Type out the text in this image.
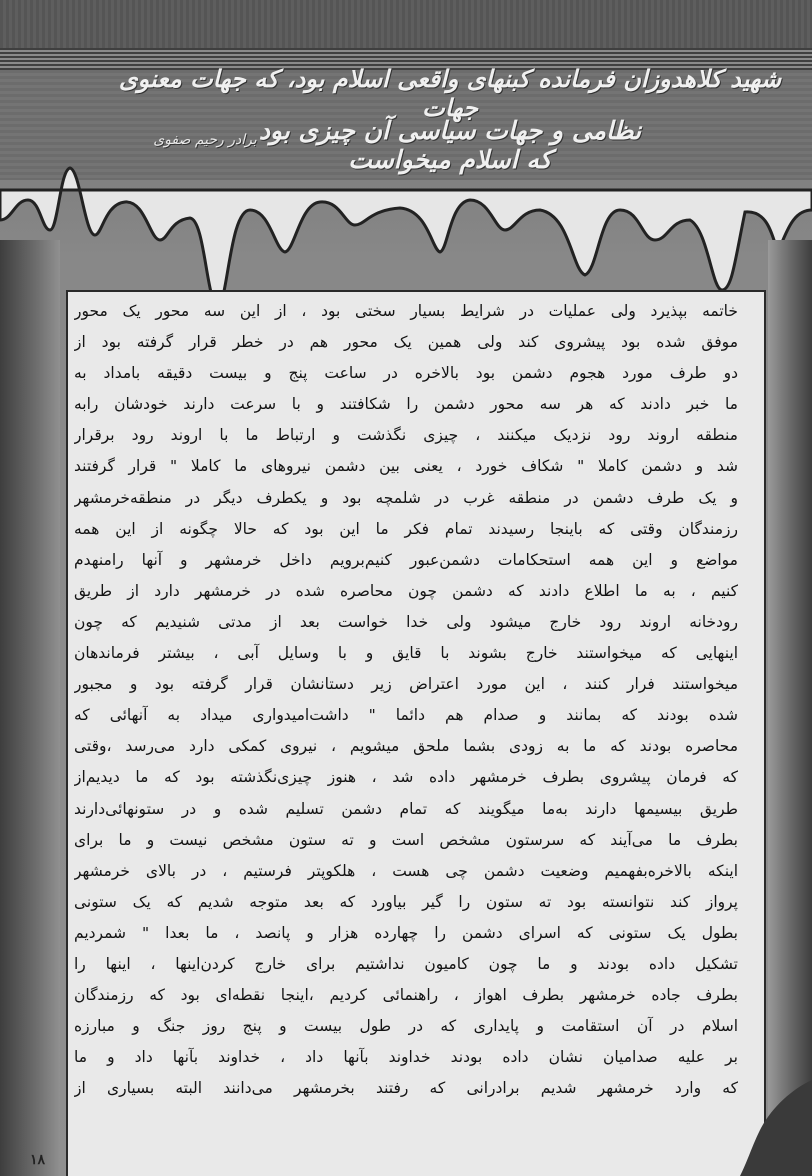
شهید کلاهدوزان فرمانده کبنهای واقعی اسلام بود، که جهات معنوی جهات
نظامی و جهات سیاسی آن چیزی بود که اسلام میخواست
برادر رحیم صفوی
خاتمه بپذیرد ولی عملیات در شرایط بسیار سختی بود ، از این سه محور یک محور
موفق شده بود پیشروی کند ولی همین یک محور هم در خطر قرار گرفته بود از
دو طرف مورد هجوم دشمن بود بالاخره در ساعت پنج و بیست دقیقه بامداد به
ما خبر دادند که هر سه محور دشمن را شکافتند و با سرعت دارند خودشان رابه
منطقه اروند رود نزدیک میکنند ، چیزی نگذشت و ارتباط ما با اروند رود برقرار
شد و دشمن کاملا " شکاف خورد ، یعنی بین دشمن نیروهای ما کاملا " قرار گرفتند
و یک طرف دشمن در منطقه غرب در شلمچه بود و یکطرف دیگر در منطقه‌خرمشهر
رزمندگان وقتی که باینجا رسیدند تمام فکر ما این بود که حالا چگونه از این همه
مواضع و این همه استحکامات دشمن‌عبور کنیم‌برویم داخل خرمشهر و آنها رامنهدم
کنیم ، به ما اطلاع دادند که دشمن چون محاصره شده در خرمشهر دارد از طریق
رودخانه اروند رود خارج میشود ولی خدا خواست بعد از مدتی شنیدیم که چون
اینهایی که میخواستند خارج بشوند با قایق و با وسایل آبی ، بیشتر فرماندهان
میخواستند فرار کنند ، این مورد اعتراض زیر دستانشان قرار گرفته بود و مجبور
شده بودند که بمانند و صدام هم دائما " داشت‌امیدواری میداد به آنهائی که
محاصره بودند که ما به زودی بشما ملحق میشویم ، نیروی کمکی دارد می‌رسد ،وقتی
که فرمان پیشروی بطرف خرمشهر داده شد ، هنوز چیزی‌نگذشته بود که ما دیدیم‌از
طریق بیسیمها دارند به‌ما میگویند که تمام دشمن تسلیم شده و در ستونهائی‌دارند
بطرف ما می‌آیند که سرستون مشخص است و ته ستون مشخص نیست و ما برای
اینکه بالاخره‌بفهمیم وضعیت دشمن چی هست ، هلکوپتر فرستیم ، در بالای خرمشهر
پرواز کند نتوانسته بود ته ستون را گیر بیاورد که بعد متوجه شدیم که یک ستونی
بطول یک ستونی که اسرای دشمن را چهارده هزار و پانصد ، ما بعدا " شمردیم
تشکیل داده بودند و ما چون کامیون نداشتیم برای خارج کردن‌اینها ، اینها را
بطرف جاده خرمشهر بطرف اهواز ، راهنمائی کردیم ،اینجا نقطه‌ای بود که رزمندگان
اسلام در آن استقامت و پایداری که در طول بیست و پنج روز جنگ و مبارزه
بر علیه صدامیان نشان داده بودند خداوند بآنها داد ، خداوند بآنها داد و ما
که وارد خرمشهر شدیم برادرانی که رفتند بخرمشهر می‌دانند البته بسیاری از
۱۸
